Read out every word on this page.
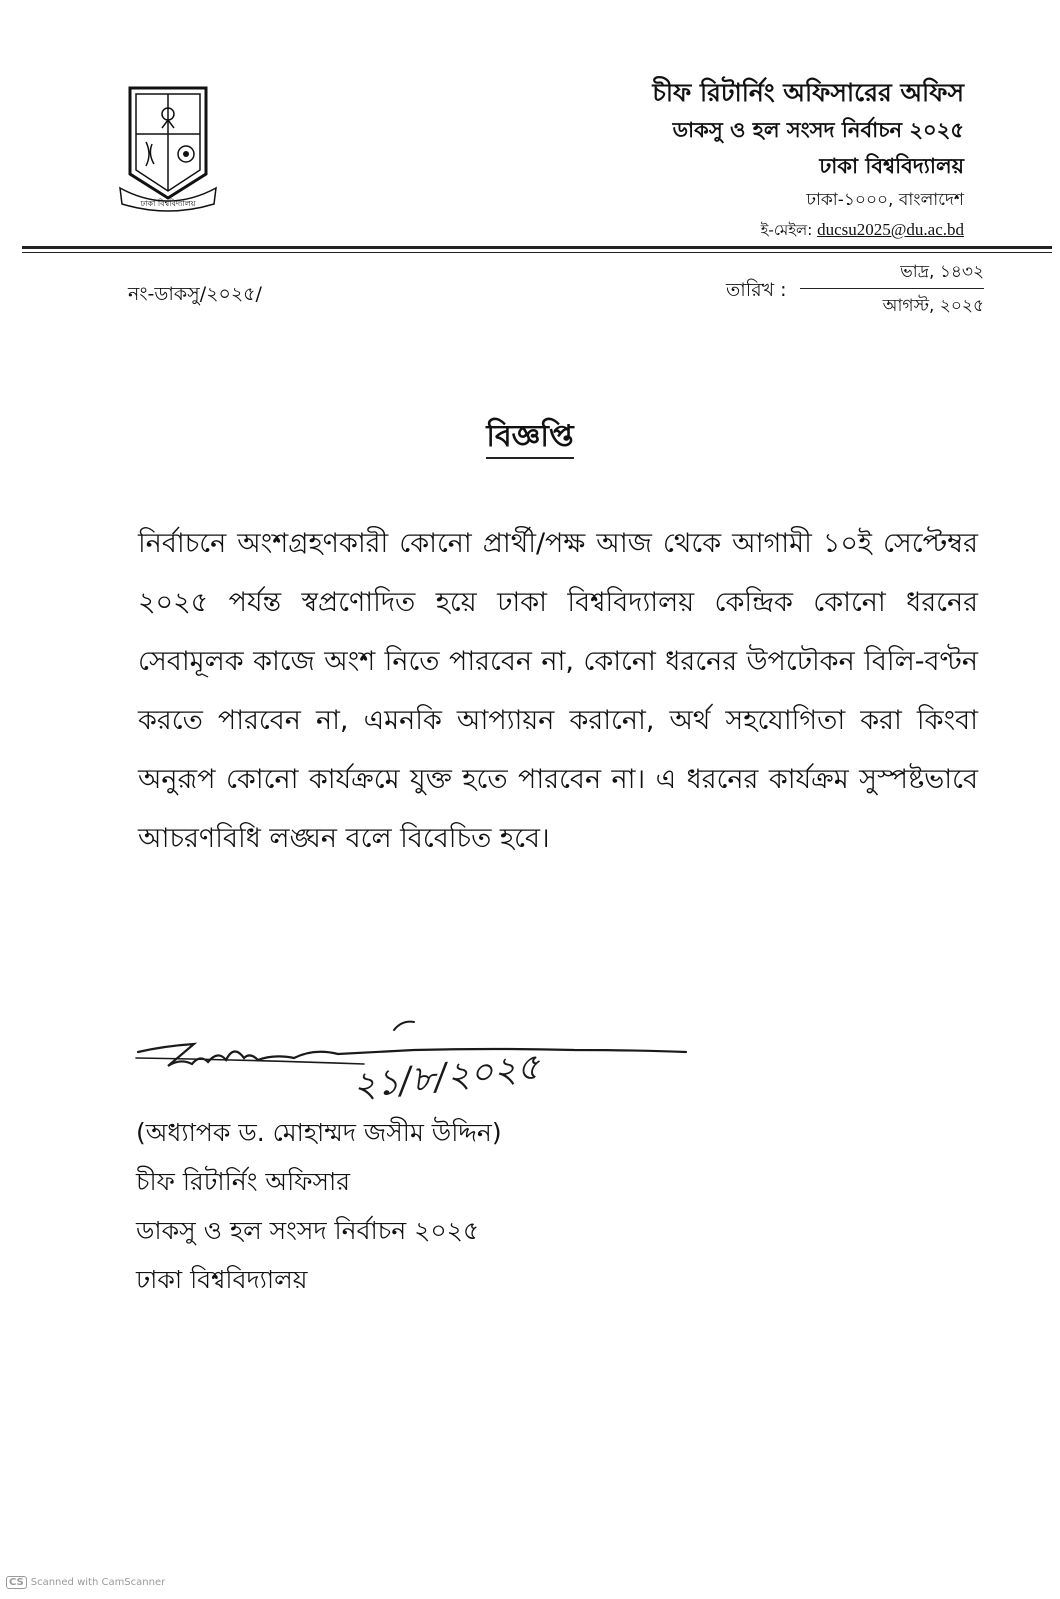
ঢাকা বিশ্ববিদ্যালয়
চীফ রিটার্নিং অফিসারের অফিস
ডাকসু ও হল সংসদ নির্বাচন ২০২৫
ঢাকা বিশ্ববিদ্যালয়
ঢাকা-১০০০, বাংলাদেশ
ই-মেইল: ducsu2025@du.ac.bd
নং-ডাকসু/২০২৫/	তারিখ :
ভাদ্র, ১৪৩২
আগস্ট, ২০২৫
বিজ্ঞপ্তি
নির্বাচনে অংশগ্রহণকারী কোনো প্রার্থী/পক্ষ আজ থেকে আগামী ১০ই সেপ্টেম্বর ২০২৫ পর্যন্ত স্বপ্রণোদিত হয়ে ঢাকা বিশ্ববিদ্যালয় কেন্দ্রিক কোনো ধরনের সেবামূলক কাজে অংশ নিতে পারবেন না, কোনো ধরনের উপঢৌকন বিলি-বণ্টন করতে পারবেন না, এমনকি আপ্যায়ন করানো, অর্থ সহযোগিতা করা কিংবা অনুরূপ কোনো কার্যক্রমে যুক্ত হতে পারবেন না। এ ধরনের কার্যক্রম সুস্পষ্টভাবে আচরণবিধি লঙ্ঘন বলে বিবেচিত হবে।
২১/৮/২০২৫
(অধ্যাপক ড. মোহাম্মদ জসীম উদ্দিন)
চীফ রিটার্নিং অফিসার
ডাকসু ও হল সংসদ নির্বাচন ২০২৫
ঢাকা বিশ্ববিদ্যালয়
CS Scanned with CamScanner
